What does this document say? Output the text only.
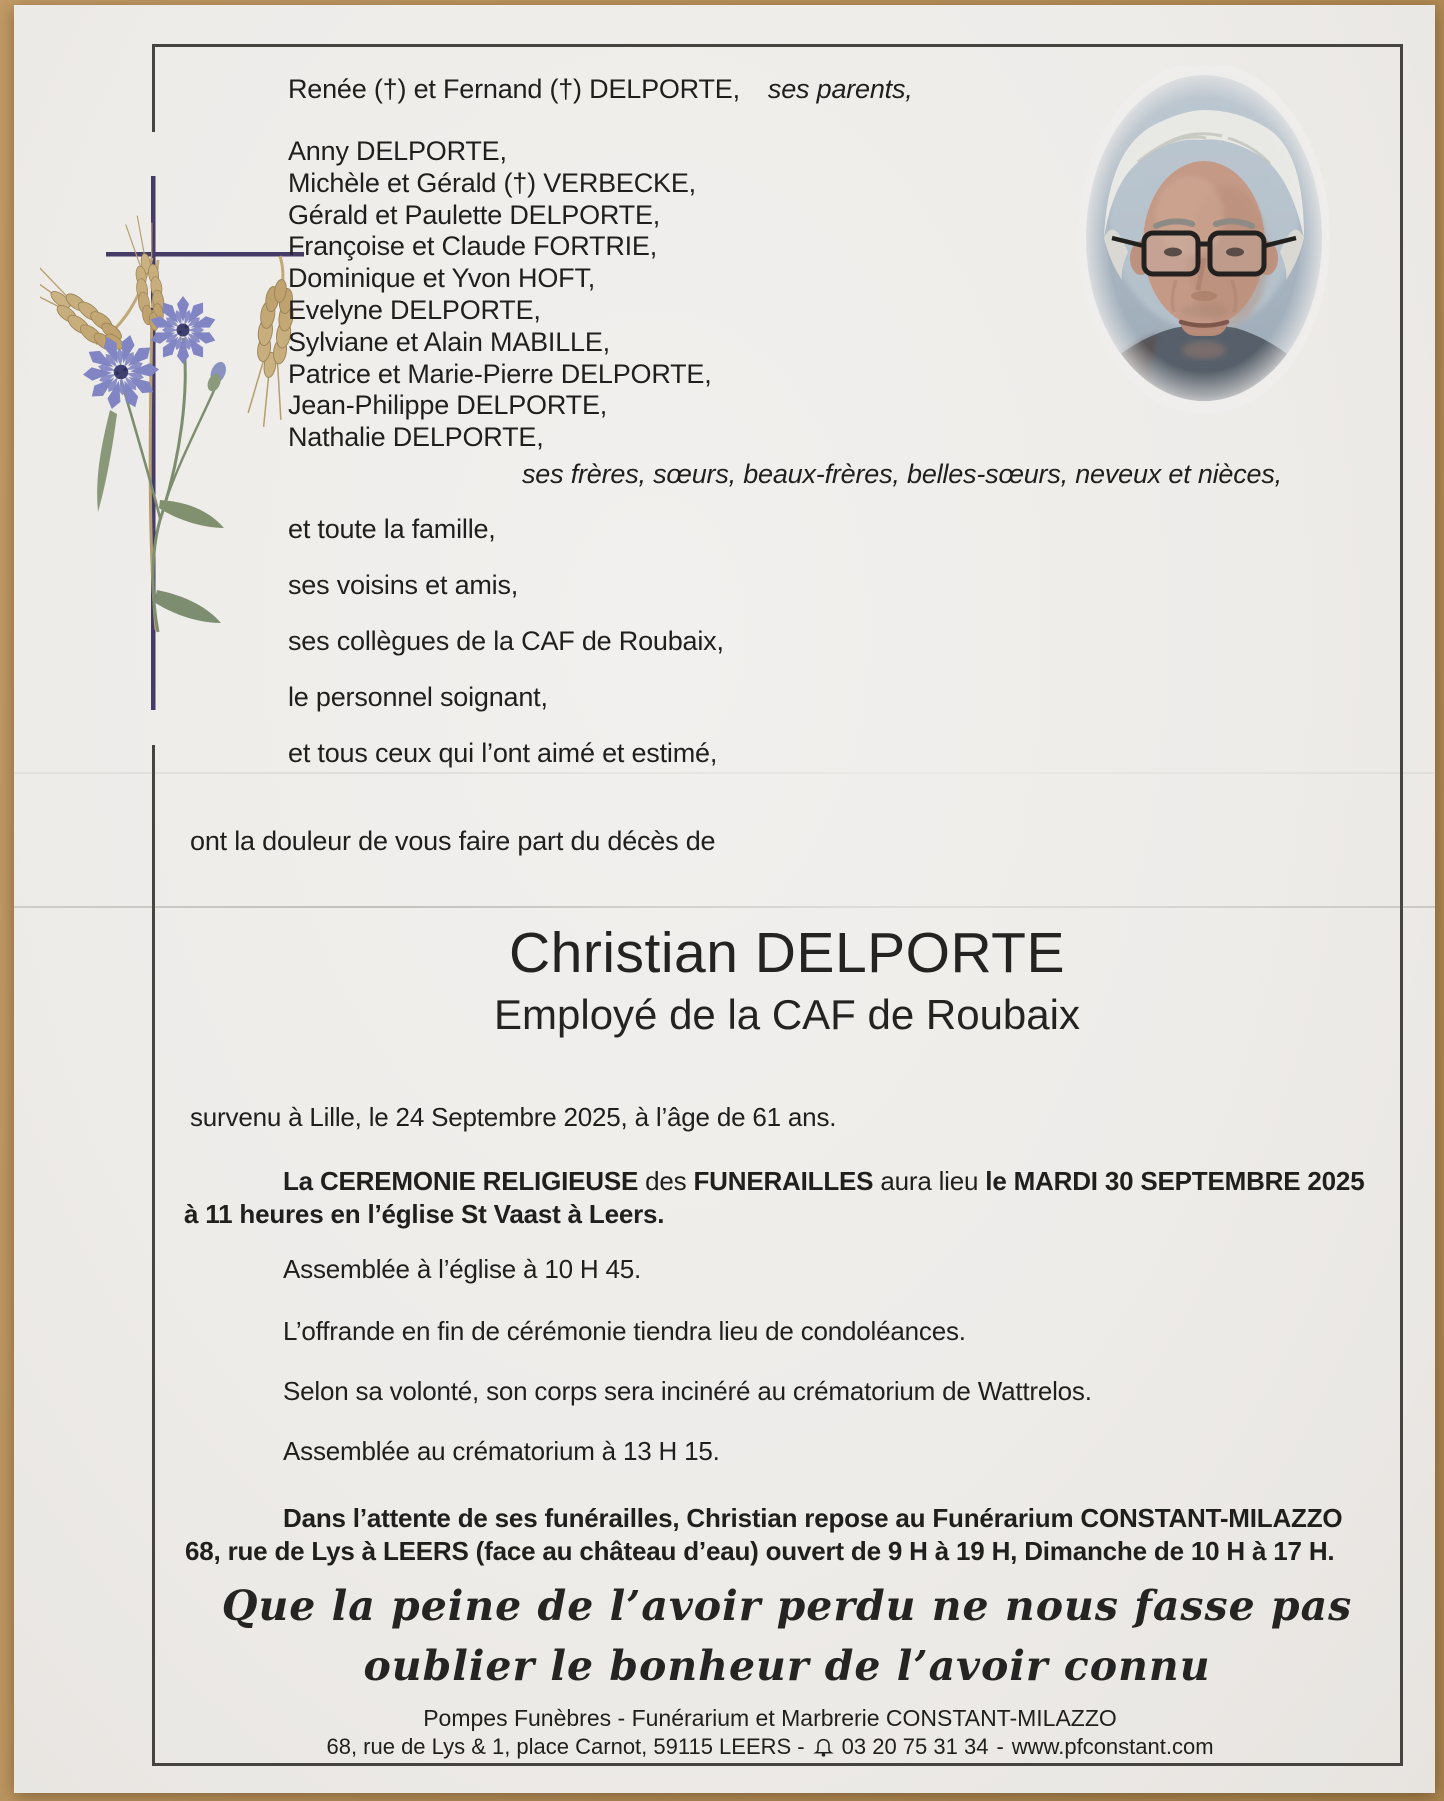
Renée (†) et Fernand (†) DELPORTE, ses parents,
Anny DELPORTE,
Michèle et Gérald (†) VERBECKE,
Gérald et Paulette DELPORTE,
Françoise et Claude FORTRIE,
Dominique et Yvon HOFT,
Evelyne DELPORTE,
Sylviane et Alain MABILLE,
Patrice et Marie-Pierre DELPORTE,
Jean-Philippe DELPORTE,
Nathalie DELPORTE,
ses frères, sœurs, beaux-frères, belles-sœurs, neveux et nièces,
et toute la famille,
ses voisins et amis,
ses collègues de la CAF de Roubaix,
le personnel soignant,
et tous ceux qui l’ont aimé et estimé,
ont la douleur de vous faire part du décès de
Christian DELPORTE
Employé de la CAF de Roubaix
survenu à Lille, le 24 Septembre 2025, à l’âge de 61 ans.
La CEREMONIE RELIGIEUSE des FUNERAILLES aura lieu le MARDI 30 SEPTEMBRE 2025
à 11 heures en l’église St Vaast à Leers.
Assemblée à l’église à 10 H 45.
L’offrande en fin de cérémonie tiendra lieu de condoléances.
Selon sa volonté, son corps sera incinéré au crématorium de Wattrelos.
Assemblée au crématorium à 13 H 15.
Dans l’attente de ses funérailles, Christian repose au Funérarium CONSTANT-MILAZZO
68, rue de Lys à LEERS (face au château d’eau) ouvert de 9 H à 19 H, Dimanche de 10 H à 17 H.
Que la peine de l’avoir perdu ne nous fasse pas
oublier le bonheur de l’avoir connu
Pompes Funèbres - Funérarium et Marbrerie CONSTANT-MILAZZO
68, rue de Lys & 1, place Carnot, 59115 LEERS - 03 20 75 31 34 - www.pfconstant.com
